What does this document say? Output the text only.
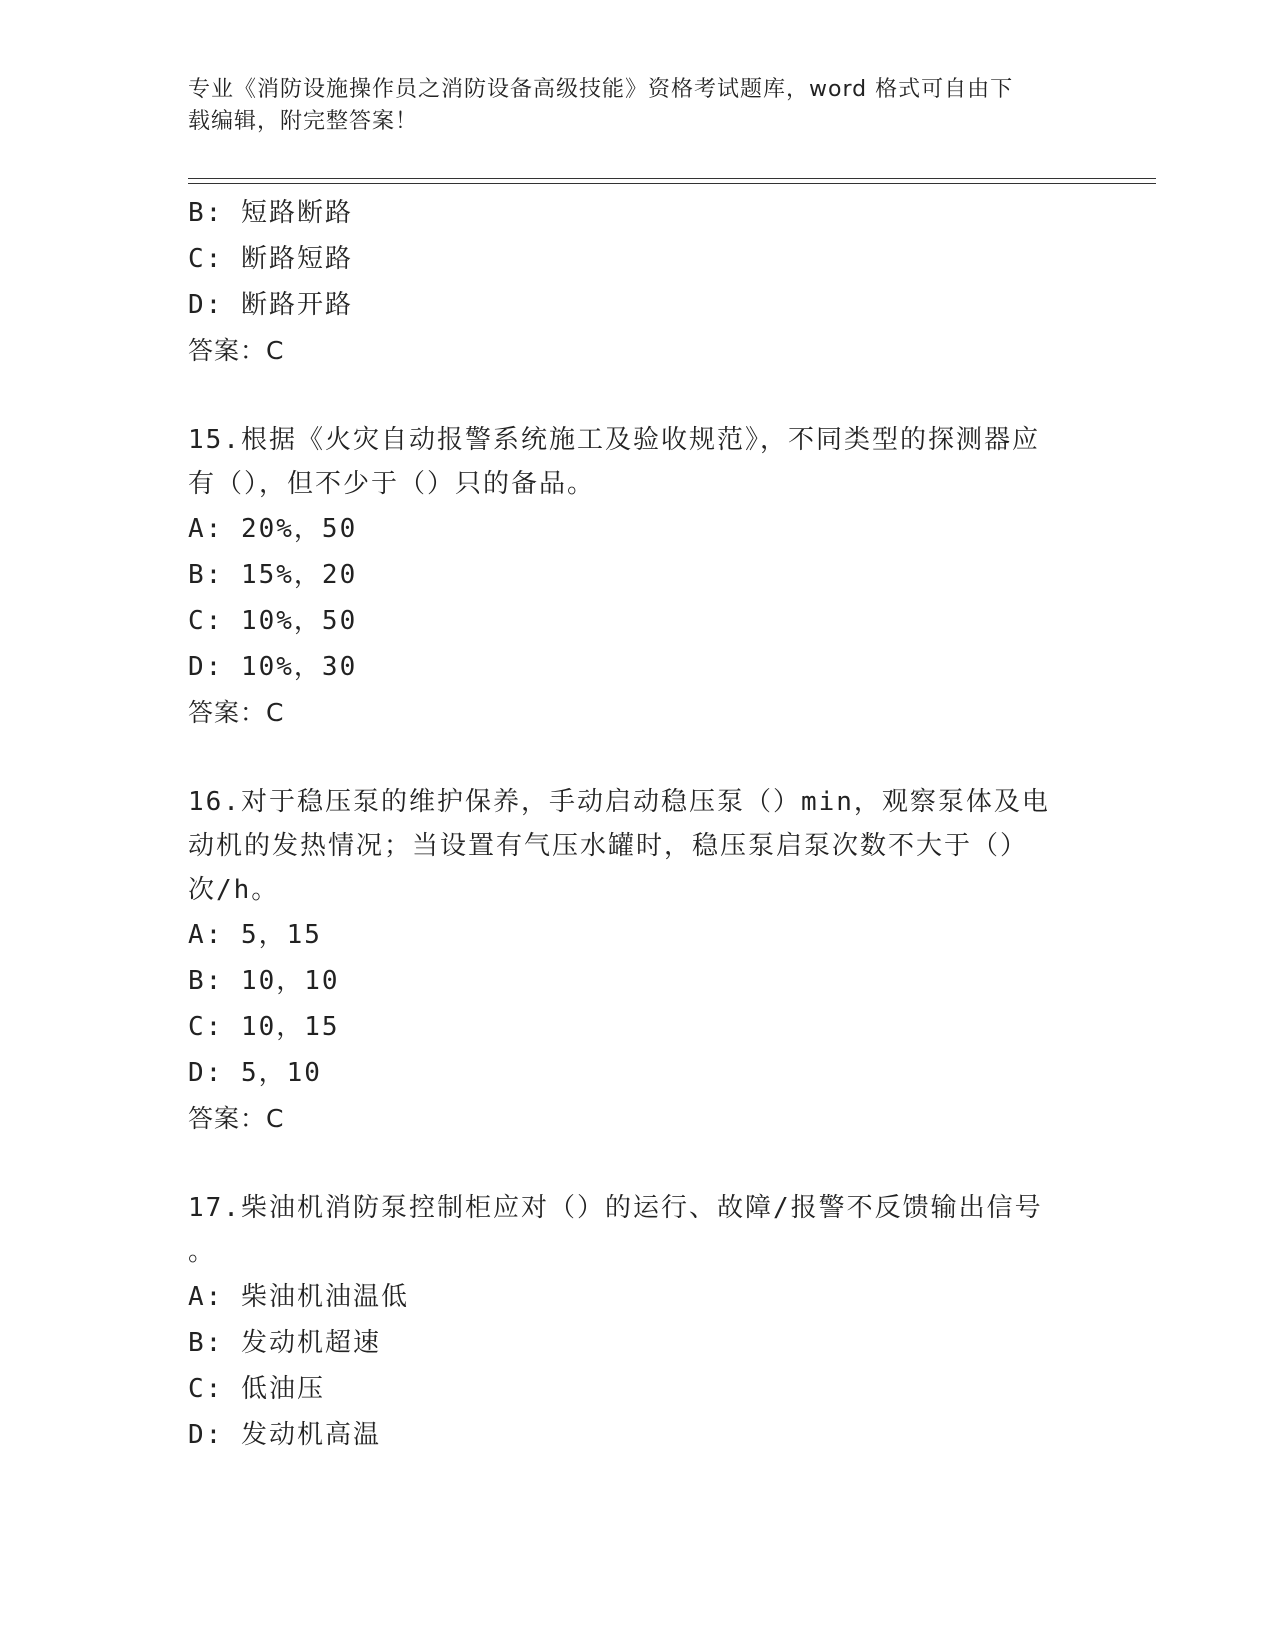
专业《消防设施操作员之消防设备高级技能》资格考试题库，word 格式可自由下
载编辑，附完整答案！
B: 短路断路
C: 断路短路
D: 断路开路
答案：C
15.根据《火灾自动报警系统施工及验收规范》，不同类型的探测器应
有（），但不少于（）只的备品。
A: 20%，50
B: 15%，20
C: 10%，50
D: 10%，30
答案：C
16.对于稳压泵的维护保养，手动启动稳压泵（）min，观察泵体及电
动机的发热情况；当设置有气压水罐时，稳压泵启泵次数不大于（）
次/h。
A: 5，15
B: 10，10
C: 10，15
D: 5，10
答案：C
17.柴油机消防泵控制柜应对（）的运行、故障/报警不反馈输出信号
。
A: 柴油机油温低
B: 发动机超速
C: 低油压
D: 发动机高温
